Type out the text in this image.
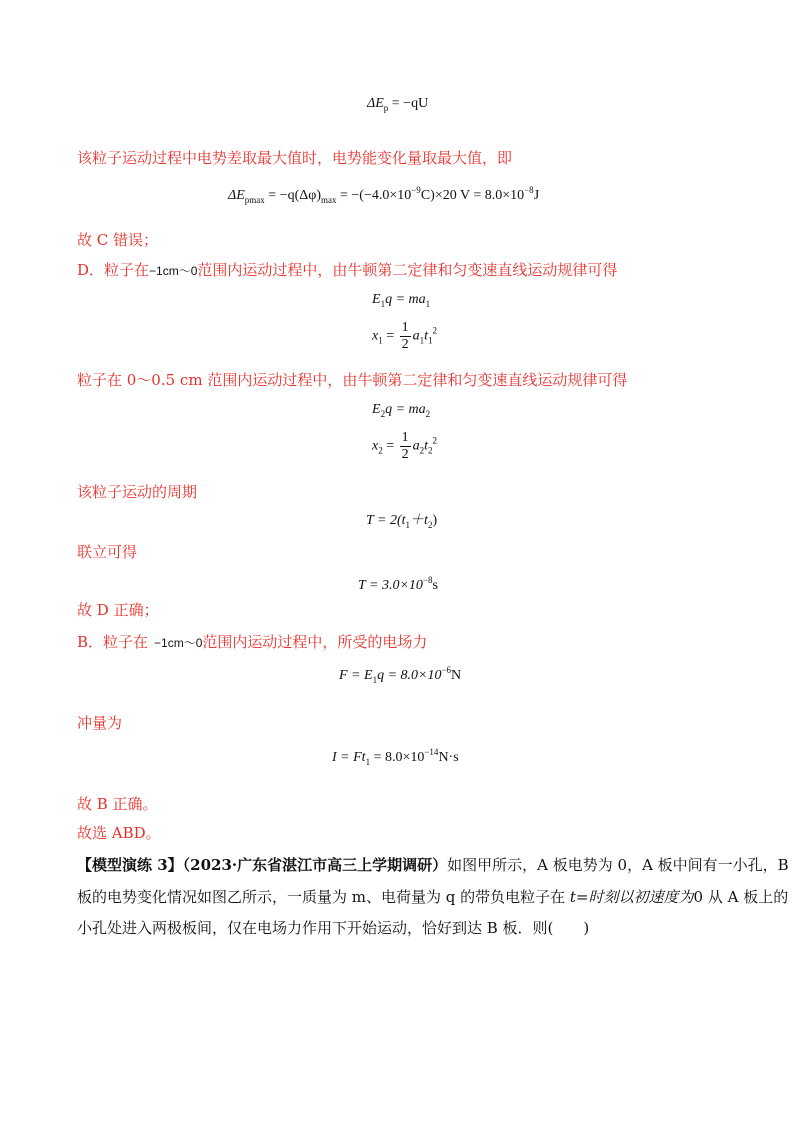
$\Delta E_p = -qU$
该粒子运动过程中电势差取最大值时，电势能变化量取最大值，即
$\Delta E_{pmax} = -q(\Delta\varphi)_{max} = -(-4.0\times 10^{-9}C)\times 20$ $V = 8.0\times 10^{-8}J$
故 C 错误；
D．粒子在−1cm～0范围内运动过程中，由牛顿第二定律和匀变速直线运动规律可得
$E_1q = ma_1$
$x_1 = \frac{1}{2} a_1t_1^2$
粒子在 0～0.5 cm 范围内运动过程中，由牛顿第二定律和匀变速直线运动规律可得
$E_2q = ma_2$
$x_2 = \frac{1}{2} a_2t_2^2$
该粒子运动的周期
$T = 2(t_1+t_2)$
联立可得
$T = 3.0\times 10^{-8}s$
故 D 正确；
B．粒子在 −1cm～0范围内运动过程中，所受的电场力
$F = E_1q = 8.0\times 10^{-6}N$
冲量为
$I = Ft_1 = 8.0\times 10^{-14}N\cdot s$
故 B 正确。
故选 ABD。
【模型演练 3】（2023·广东省湛江市高三上学期调研）如图甲所示，A 板电势为 0，A 板中间有一小孔，B
板的电势变化情况如图乙所示，一质量为 m、电荷量为 q 的带负电粒子在 t=时刻以初速度为0 从 A 板上的
小孔处进入两极板间，仅在电场力作用下开始运动，恰好到达 B 板．则(　　)
